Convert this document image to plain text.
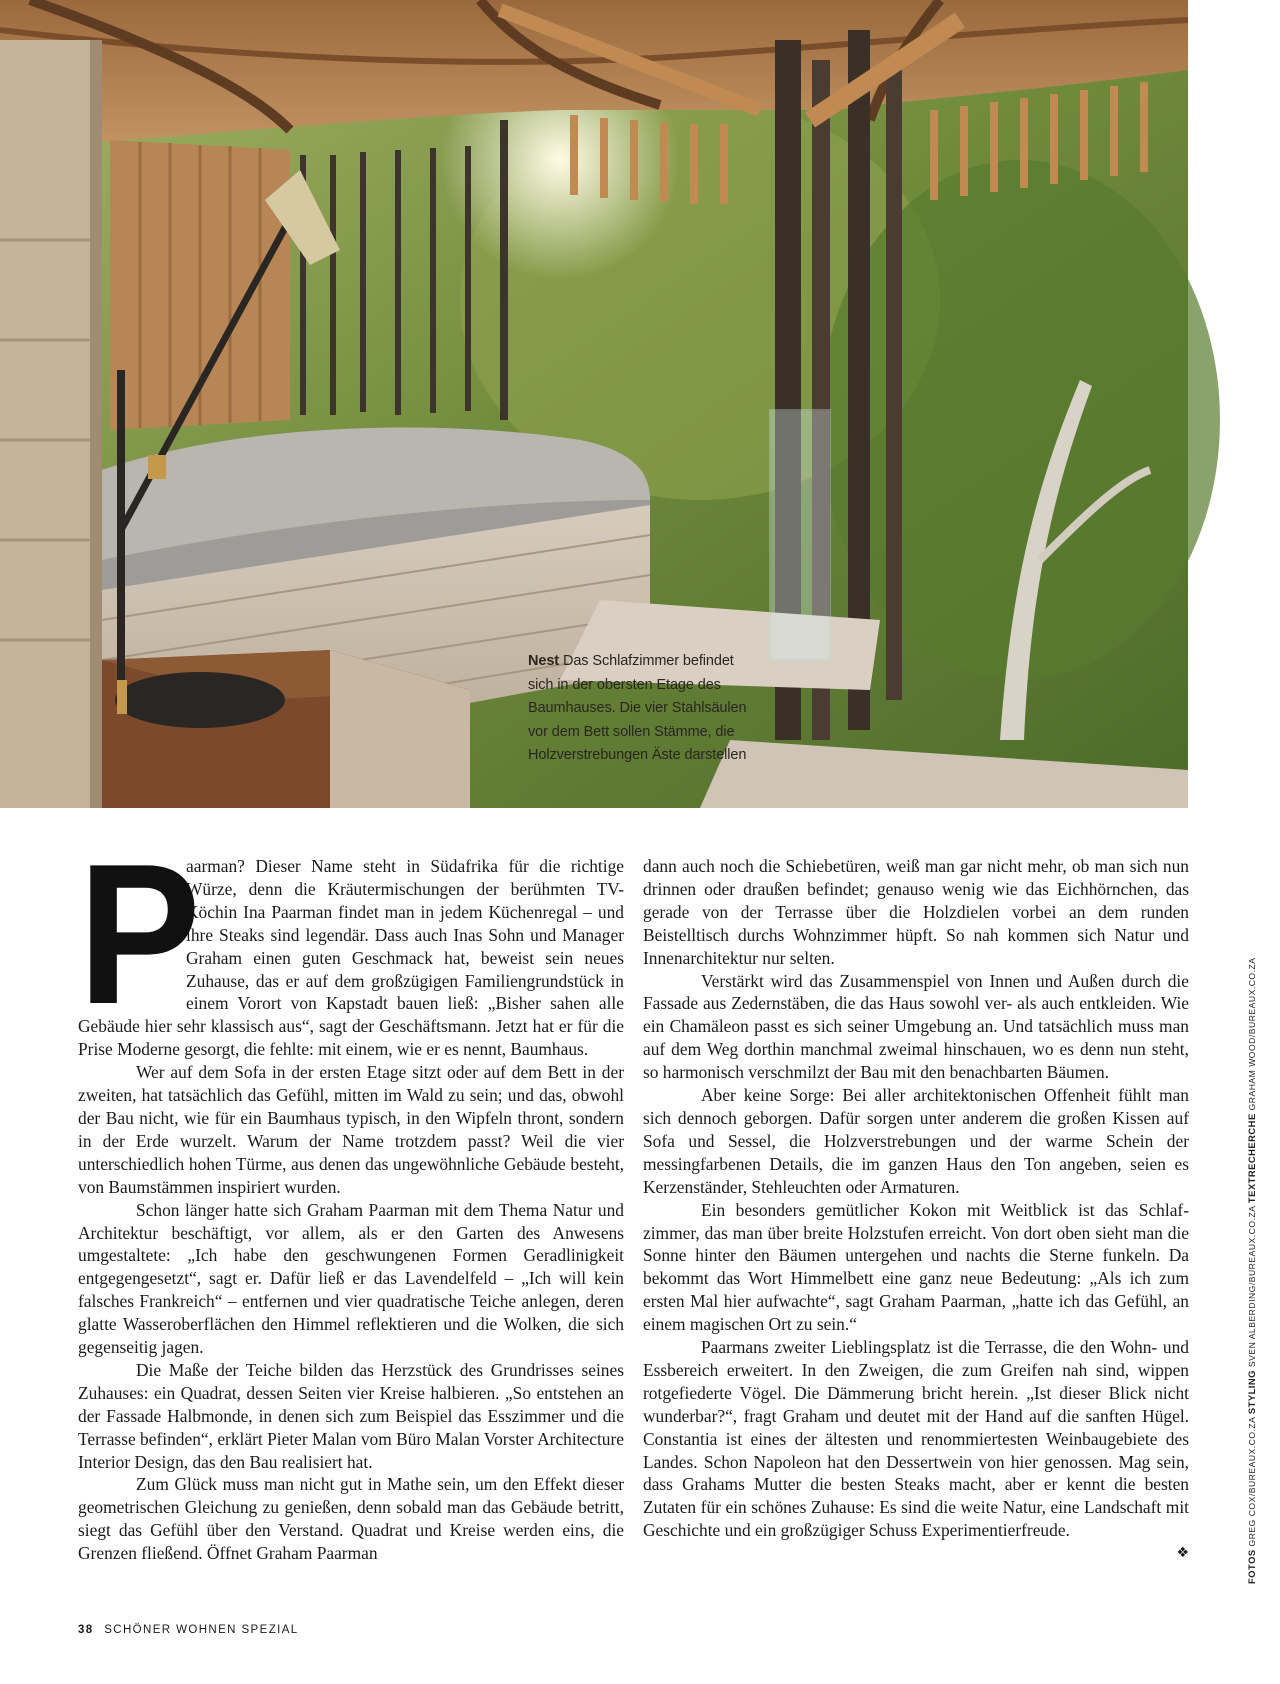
Nest Das Schlafzimmer befindet sich in der obersten Etage des Baumhauses. Die vier Stahlsäulen vor dem Bett sollen Stämme, die Holzverstrebungen Äste darstellen
P

aarman? Dieser Name steht in Südafrika für die richtige Würze, denn die Kräutermischungen der berühmten TV-Köchin Ina Paarman findet man in jedem Küchenregal – und ihre Steaks sind legendär. Dass auch Inas Sohn und Manager Graham einen guten Geschmack hat, beweist sein neues Zuhause, das er auf dem großzügigen Familiengrundstück in einem Vorort von Kapstadt bauen ließ: „Bisher sahen alle Gebäude hier sehr klassisch aus“, sagt der Geschäftsmann. Jetzt hat er für die Prise Moderne gesorgt, die fehlte: mit einem, wie er es nennt, Baumhaus.

Wer auf dem Sofa in der ersten Etage sitzt oder auf dem Bett in der zweiten, hat tatsächlich das Gefühl, mitten im Wald zu sein; und das, obwohl der Bau nicht, wie für ein Baumhaus typisch, in den Wipfeln thront, sondern in der Erde wurzelt. Warum der Name trotzdem passt? Weil die vier unterschiedlich hohen Türme, aus denen das ungewöhnliche Gebäude besteht, von Baumstämmen inspiriert wurden.

Schon länger hatte sich Graham Paarman mit dem Thema Natur und Architektur beschäftigt, vor allem, als er den Garten des Anwesens umgestaltete: „Ich habe den geschwungenen Formen Geradlinigkeit entgegengesetzt“, sagt er. Dafür ließ er das Lavendelfeld – „Ich will kein falsches Frankreich“ – entfernen und vier quadratische Teiche anlegen, deren glatte Wasseroberflächen den Himmel reflektieren und die Wolken, die sich gegenseitig jagen.

Die Maße der Teiche bilden das Herzstück des Grundrisses seines Zuhauses: ein Quadrat, dessen Seiten vier Kreise halbieren. „So entstehen an der Fassade Halbmonde, in denen sich zum Beispiel das Esszimmer und die Terrasse befinden“, erklärt Pieter Malan vom Büro Malan Vorster Architecture Interior Design, das den Bau realisiert hat.

Zum Glück muss man nicht gut in Mathe sein, um den Effekt dieser geometrischen Gleichung zu genießen, denn sobald man das Gebäude betritt, siegt das Gefühl über den Verstand. Quadrat und Kreise werden eins, die Grenzen fließend. Öffnet Graham Paarman

dann auch noch die Schiebetüren, weiß man gar nicht mehr, ob man sich nun drinnen oder draußen befindet; genauso wenig wie das Eichhörnchen, das gerade von der Terrasse über die Holzdielen vorbei an dem runden Beistelltisch durchs Wohnzimmer hüpft. So nah kommen sich Natur und Innenarchitektur nur selten.

Verstärkt wird das Zusammenspiel von Innen und Außen durch die Fassade aus Zedernstäben, die das Haus sowohl ver- als auch entkleiden. Wie ein Chamäleon passt es sich seiner Umgebung an. Und tatsächlich muss man auf dem Weg dorthin manchmal zweimal hinschauen, wo es denn nun steht, so harmonisch verschmilzt der Bau mit den benachbarten Bäumen.

Aber keine Sorge: Bei aller architektonischen Offenheit fühlt man sich dennoch geborgen. Dafür sorgen unter anderem die großen Kissen auf Sofa und Sessel, die Holzverstrebungen und der warme Schein der messingfarbenen Details, die im ganzen Haus den Ton angeben, seien es Kerzenständer, Stehleuchten oder Armaturen.

Ein besonders gemütlicher Kokon mit Weitblick ist das Schlafzimmer, das man über breite Holzstufen erreicht. Von dort oben sieht man die Sonne hinter den Bäumen untergehen und nachts die Sterne funkeln. Da bekommt das Wort Himmelbett eine ganz neue Bedeutung: „Als ich zum ersten Mal hier aufwachte“, sagt Graham Paarman, „hatte ich das Gefühl, an einem magischen Ort zu sein.“

Paarmans zweiter Lieblingsplatz ist die Terrasse, die den Wohn- und Essbereich erweitert. In den Zweigen, die zum Greifen nah sind, wippen rotgefiederte Vögel. Die Dämmerung bricht herein. „Ist dieser Blick nicht wunderbar?“, fragt Graham und deutet mit der Hand auf die sanften Hügel. Constantia ist eines der ältesten und renommiertesten Weinbaugebiete des Landes. Schon Napoleon hat den Dessertwein von hier genossen. Mag sein, dass Grahams Mutter die besten Steaks macht, aber er kennt die besten Zutaten für ein schönes Zuhause: Es sind die weite Natur, eine Landschaft mit Geschichte und ein großzügiger Schuss Experimentierfreude.

❖
38 SCHÖNER WOHNEN SPEZIAL
FOTOS GREG COX/BUREAUX.CO.ZA STYLING SVEN ALBERDING/BUREAUX.CO.ZA TEXTRECHERCHE GRAHAM WOOD/BUREAUX.CO.ZA
